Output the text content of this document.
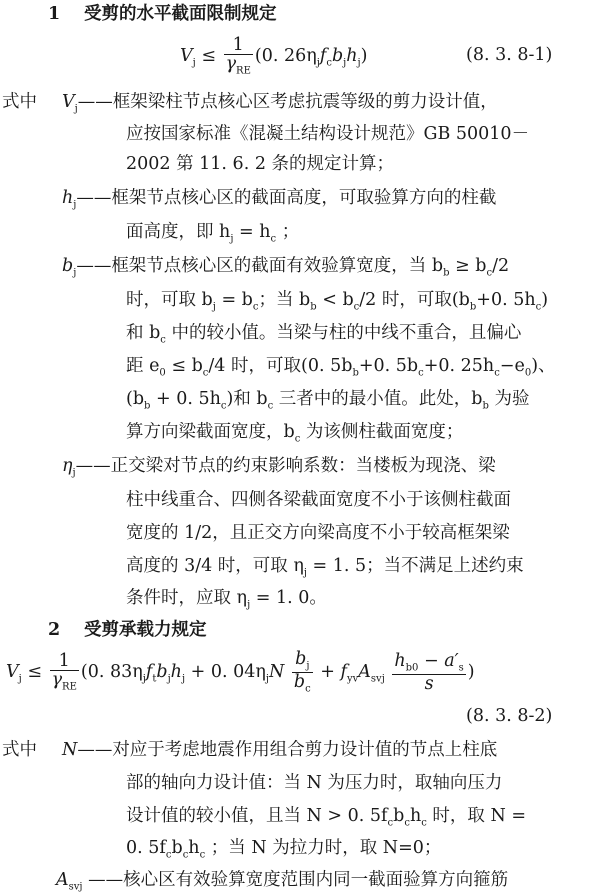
1 受剪的水平截面限制规定
$V_j \le \frac{1}{\gamma_{RE}} (0$. $26\eta_jf_cb_jh_j$)	(8. 3. 8-1)
式中 $V_j——$框架梁柱节点核心区考虑抗震等级的剪力设计值，
应按国家标准《混凝土结构设计规范》GB 50010－
2002 第 11. 6. 2 条的规定计算；
$h_j——$框架节点核心区的截面高度，可取验算方向的柱截
面高度，即 $h_j = h_c$ ；
$b_j——$框架节点核心区的截面有效验算宽度，当 $b_b \ge b_c/2$
时，可取 $b_j = b_c$；当 $b_b < b_c/2$ 时，可取($b_b+0$. $5h_c$)
和 $b_c$ 中的较小值。当梁与柱的中线不重合，且偏心
距 $e_0 \le b_c/4$ 时，可取(0. $5b_b+0$. $5b_c+0$. $25h_c-e_0$)、
($b_b + 0$. $5h_c$)和 $b_c$ 三者中的最小值。此处，$b_b$ 为验
算方向梁截面宽度，$b_c$ 为该侧柱截面宽度；
$\eta_j——$正交梁对节点的约束影响系数：当楼板为现浇、梁
柱中线重合、四侧各梁截面宽度不小于该侧柱截面
宽度的 1/2，且正交方向梁高度不小于较高框架梁
高度的 3/4 时，可取 $\eta_j = 1$. 5；当不满足上述约束
条件时，应取 $\eta_j = 1$. 0。
2 受剪承载力规定
$V_j \le \frac{1}{\gamma_{RE}} (0$. $83\eta_jf_tb_jh_j + 0$. $04\eta_jN \frac{b_j}{b_c} + f_{yv}A_{svj} \frac{h_{b0} - a'_s}{s}$ )
(8. 3. 8-2)
式中 N——对应于考虑地震作用组合剪力设计值的节点上柱底
部的轴向力设计值：当 N 为压力时，取轴向压力
设计值的较小值，且当 N > 0. $5f_cb_ch_c$ 时，取 N =
0. $5f_cb_ch_c$ ；当 N 为拉力时，取 N=0；
$A_{svj}$ ——核心区有效验算宽度范围内同一截面验算方向箍筋
